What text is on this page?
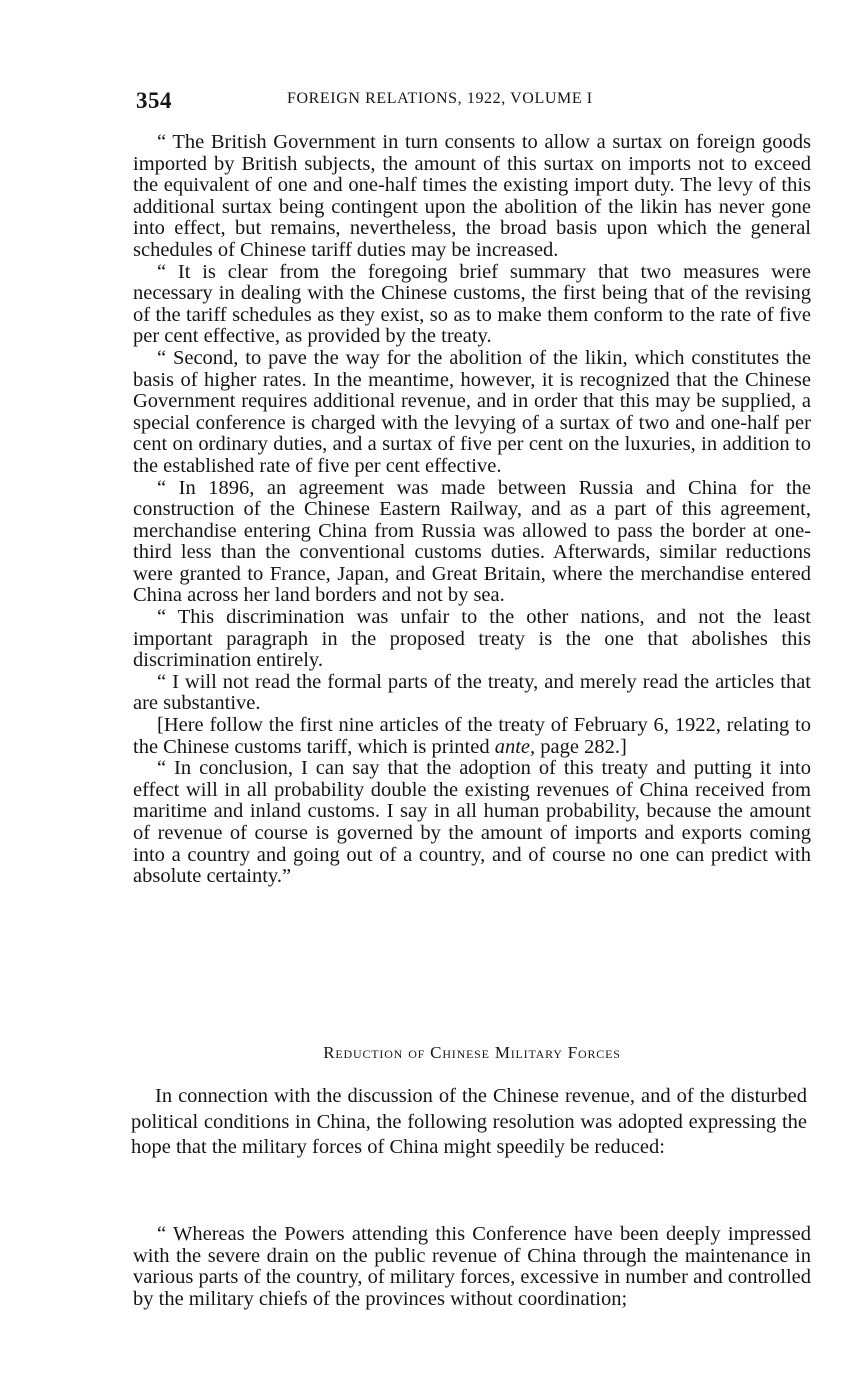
354	FOREIGN RELATIONS, 1922, VOLUME I

“ The British Government in turn consents to allow a surtax on foreign goods imported by British subjects, the amount of this surtax on imports not to exceed the equivalent of one and one-half times the existing import duty. The levy of this additional surtax being contingent upon the abolition of the likin has never gone into effect, but remains, nevertheless, the broad basis upon which the general schedules of Chinese tariff duties may be increased.

“ It is clear from the foregoing brief summary that two measures were necessary in dealing with the Chinese customs, the first being that of the revising of the tariff schedules as they exist, so as to make them conform to the rate of five per cent effective, as provided by the treaty.

“ Second, to pave the way for the abolition of the likin, which constitutes the basis of higher rates. In the meantime, however, it is recognized that the Chinese Government requires additional revenue, and in order that this may be supplied, a special conference is charged with the levying of a surtax of two and one-half per cent on ordinary duties, and a surtax of five per cent on the luxuries, in addition to the established rate of five per cent effective.

“ In 1896, an agreement was made between Russia and China for the construction of the Chinese Eastern Railway, and as a part of this agreement, merchandise entering China from Russia was allowed to pass the border at one-third less than the conventional customs duties. Afterwards, similar reductions were granted to France, Japan, and Great Britain, where the merchandise entered China across her land borders and not by sea.

“ This discrimination was unfair to the other nations, and not the least important paragraph in the proposed treaty is the one that abolishes this discrimination entirely.

“ I will not read the formal parts of the treaty, and merely read the articles that are substantive.

[Here follow the first nine articles of the treaty of February 6, 1922, relating to the Chinese customs tariff, which is printed ante, page 282.]

“ In conclusion, I can say that the adoption of this treaty and putting it into effect will in all probability double the existing revenues of China received from maritime and inland customs. I say in all human probability, because the amount of revenue of course is governed by the amount of imports and exports coming into a country and going out of a country, and of course no one can predict with absolute certainty.”

Reduction of Chinese Military Forces

In connection with the discussion of the Chinese revenue, and of the disturbed political conditions in China, the following resolution was adopted expressing the hope that the military forces of China might speedily be reduced:

“ Whereas the Powers attending this Conference have been deeply impressed with the severe drain on the public revenue of China through the maintenance in various parts of the country, of military forces, excessive in number and controlled by the military chiefs of the provinces without coordination;
